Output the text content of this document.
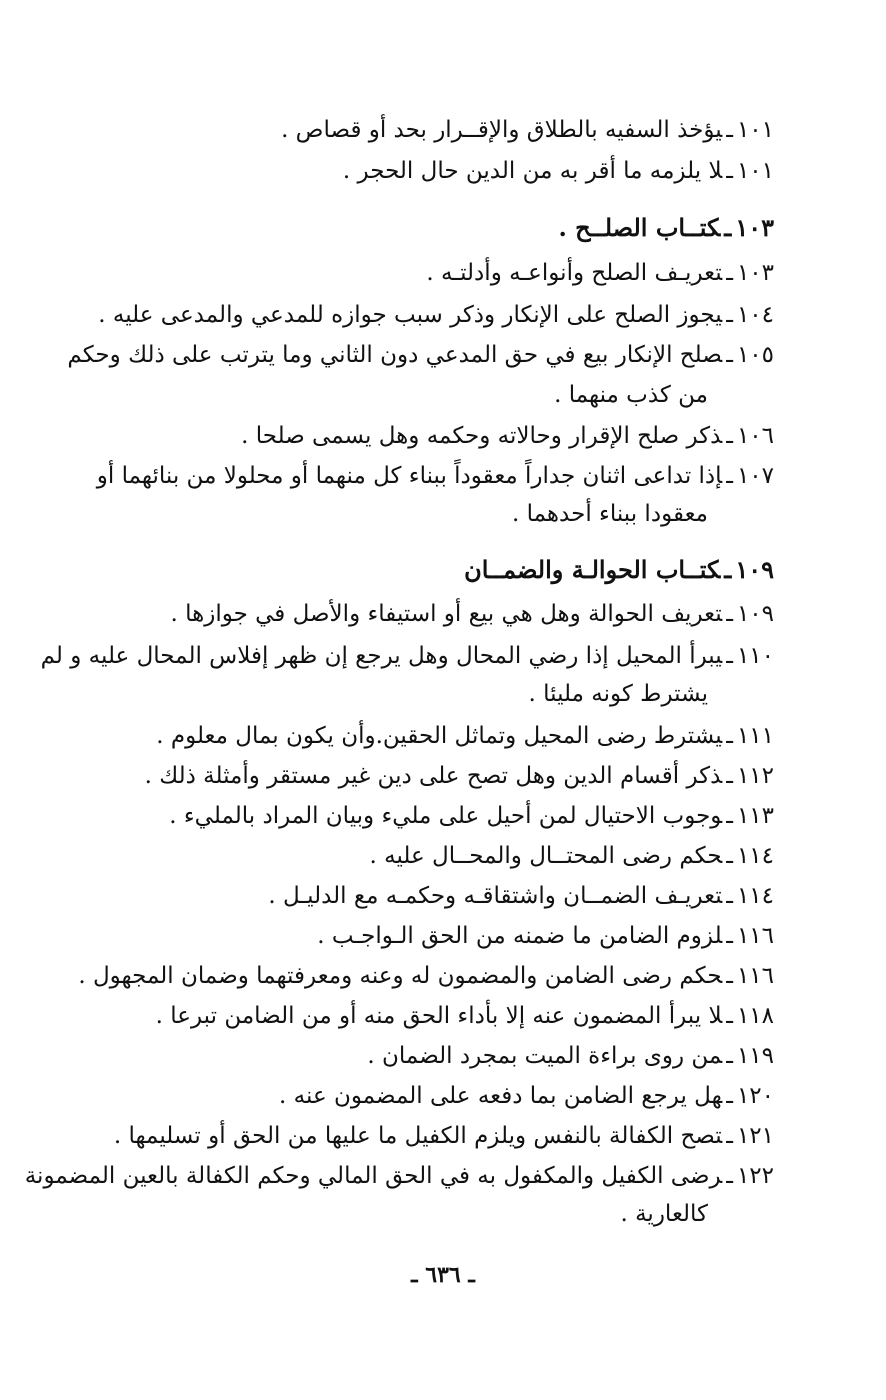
١٠١ـيؤخذ السفيه بالطلاق والإقــرار بحد أو قصاص .
١٠١ـلا يلزمه ما أقر به من الدين حال الحجر .
١٠٣ـكتــاب الصلــح .
١٠٣ـتعريـف الصلح وأنواعـه وأدلتـه .
١٠٤ـيجوز الصلح على الإنكار وذكر سبب جوازه للمدعي والمدعى عليه .
١٠٥ـصلح الإنكار بيع في حق المدعي دون الثاني وما يترتب على ذلك وحكم
من كذب منهما .
١٠٦ـذكر صلح الإقرار وحالاته وحكمه وهل يسمى صلحا .
١٠٧ـإذا تداعى اثنان جداراً معقوداً ببناء كل منهما أو محلولا من بنائهما أو
معقودا ببناء أحدهما .
١٠٩ـكتــاب الحوالـة والضمــان
١٠٩ـتعريف الحوالة وهل هي بيع أو استيفاء والأصل في جوازها .
١١٠ـيبرأ المحيل إذا رضي المحال وهل يرجع إن ظهر إفلاس المحال عليه و لم
يشترط كونه مليئا .
١١١ـيشترط رضى المحيل وتماثل الحقين.وأن يكون بمال معلوم .
١١٢ـذكر أقسام الدين وهل تصح على دين غير مستقر وأمثلة ذلك .
١١٣ـوجوب الاحتيال لمن أحيل على مليء وبيان المراد بالمليء .
١١٤ـحكم رضى المحتــال والمحــال عليه .
١١٤ـتعريـف الضمــان واشتقاقـه وحكمـه مع الدليـل .
١١٦ـلزوم الضامن ما ضمنه من الحق الـواجـب .
١١٦ـحكم رضى الضامن والمضمون له وعنه ومعرفتهما وضمان المجهول .
١١٨ـلا يبرأ المضمون عنه إلا بأداء الحق منه أو من الضامن تبرعا .
١١٩ـمن روى براءة الميت بمجرد الضمان .
١٢٠ـهل يرجع الضامن بما دفعه على المضمون عنه .
١٢١ـتصح الكفالة بالنفس ويلزم الكفيل ما عليها من الحق أو تسليمها .
١٢٢ـرضى الكفيل والمكفول به في الحق المالي وحكم الكفالة بالعين المضمونة
كالعارية .
ـ ٦٣٦ ـ
